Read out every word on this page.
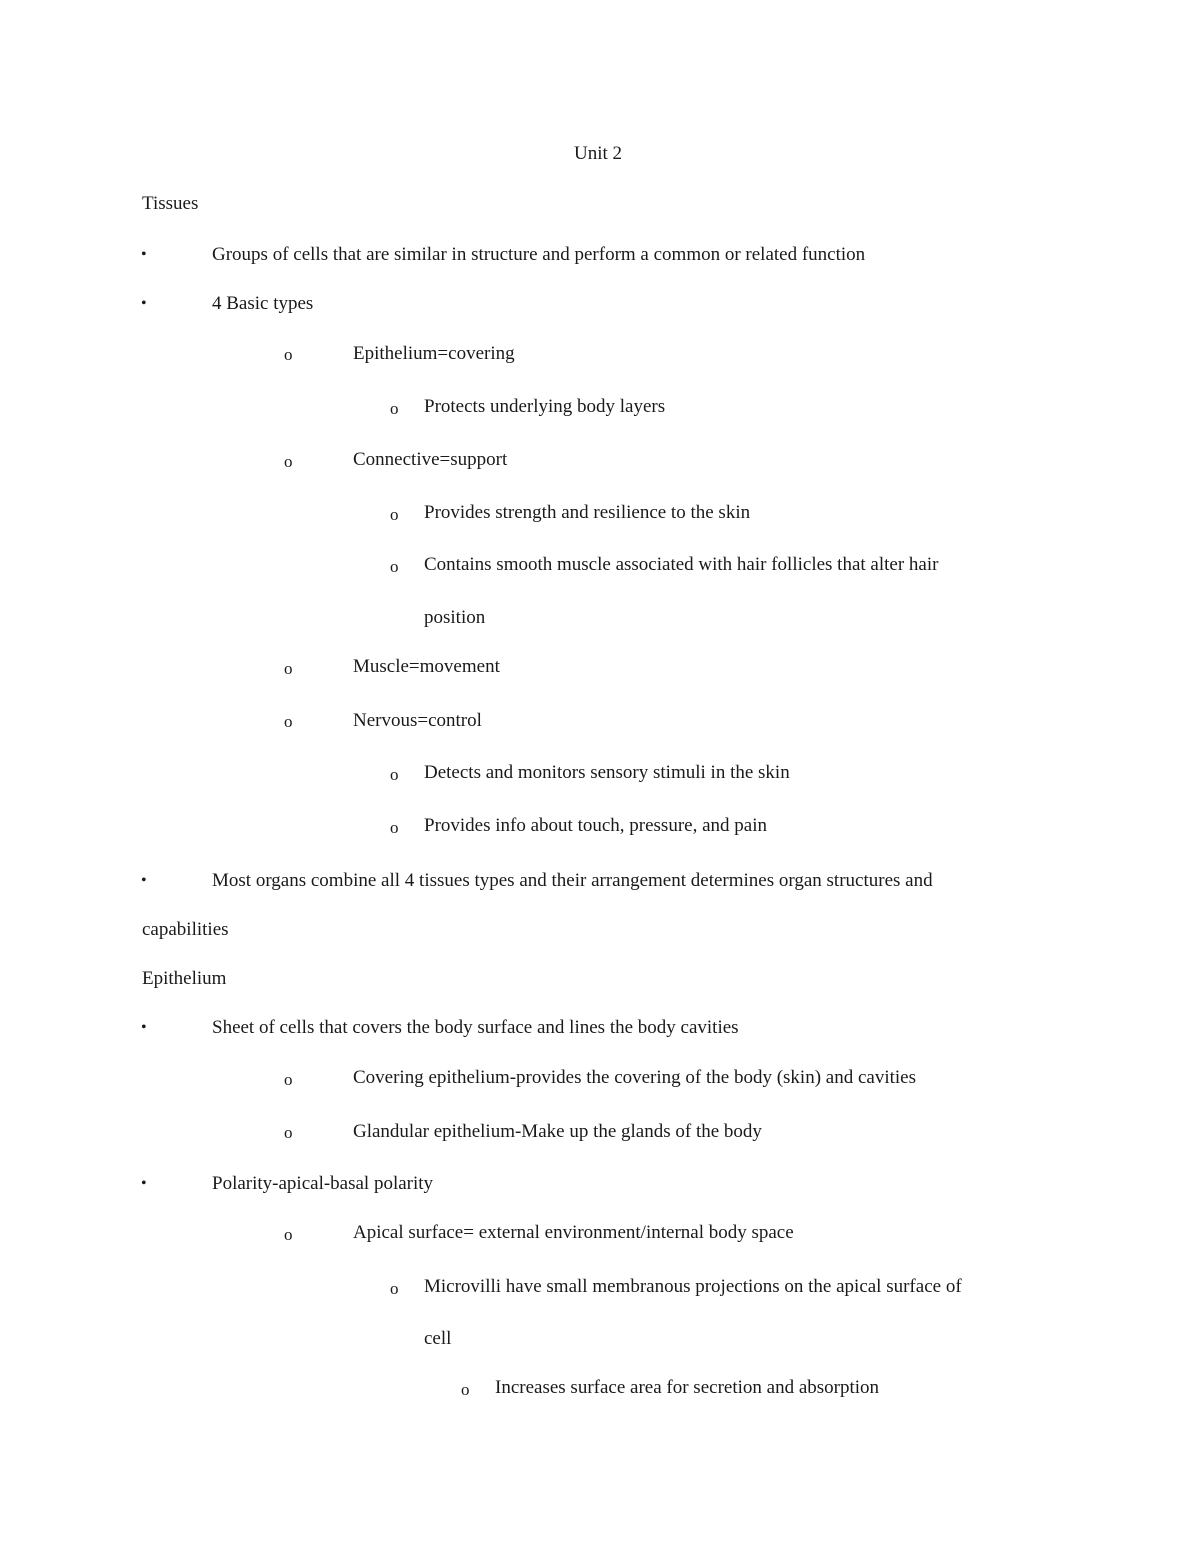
Unit 2
Tissues
•	Groups of cells that are similar in structure and perform a common or related function
•	4 Basic types
o	Epithelium=covering
o Protects underlying body layers
o	Connective=support
o Provides strength and resilience to the skin
o Contains smooth muscle associated with hair follicles that alter hair
position
o	Muscle=movement
o	Nervous=control
o Detects and monitors sensory stimuli in the skin
o Provides info about touch, pressure, and pain
•	Most organs combine all 4 tissues types and their arrangement determines organ structures and
capabilities
Epithelium
•	Sheet of cells that covers the body surface and lines the body cavities
o	Covering epithelium-provides the covering of the body (skin) and cavities
o	Glandular epithelium-Make up the glands of the body
•	Polarity-apical-basal polarity
o	Apical surface= external environment/internal body space
o Microvilli have small membranous projections on the apical surface of
cell
o Increases surface area for secretion and absorption
